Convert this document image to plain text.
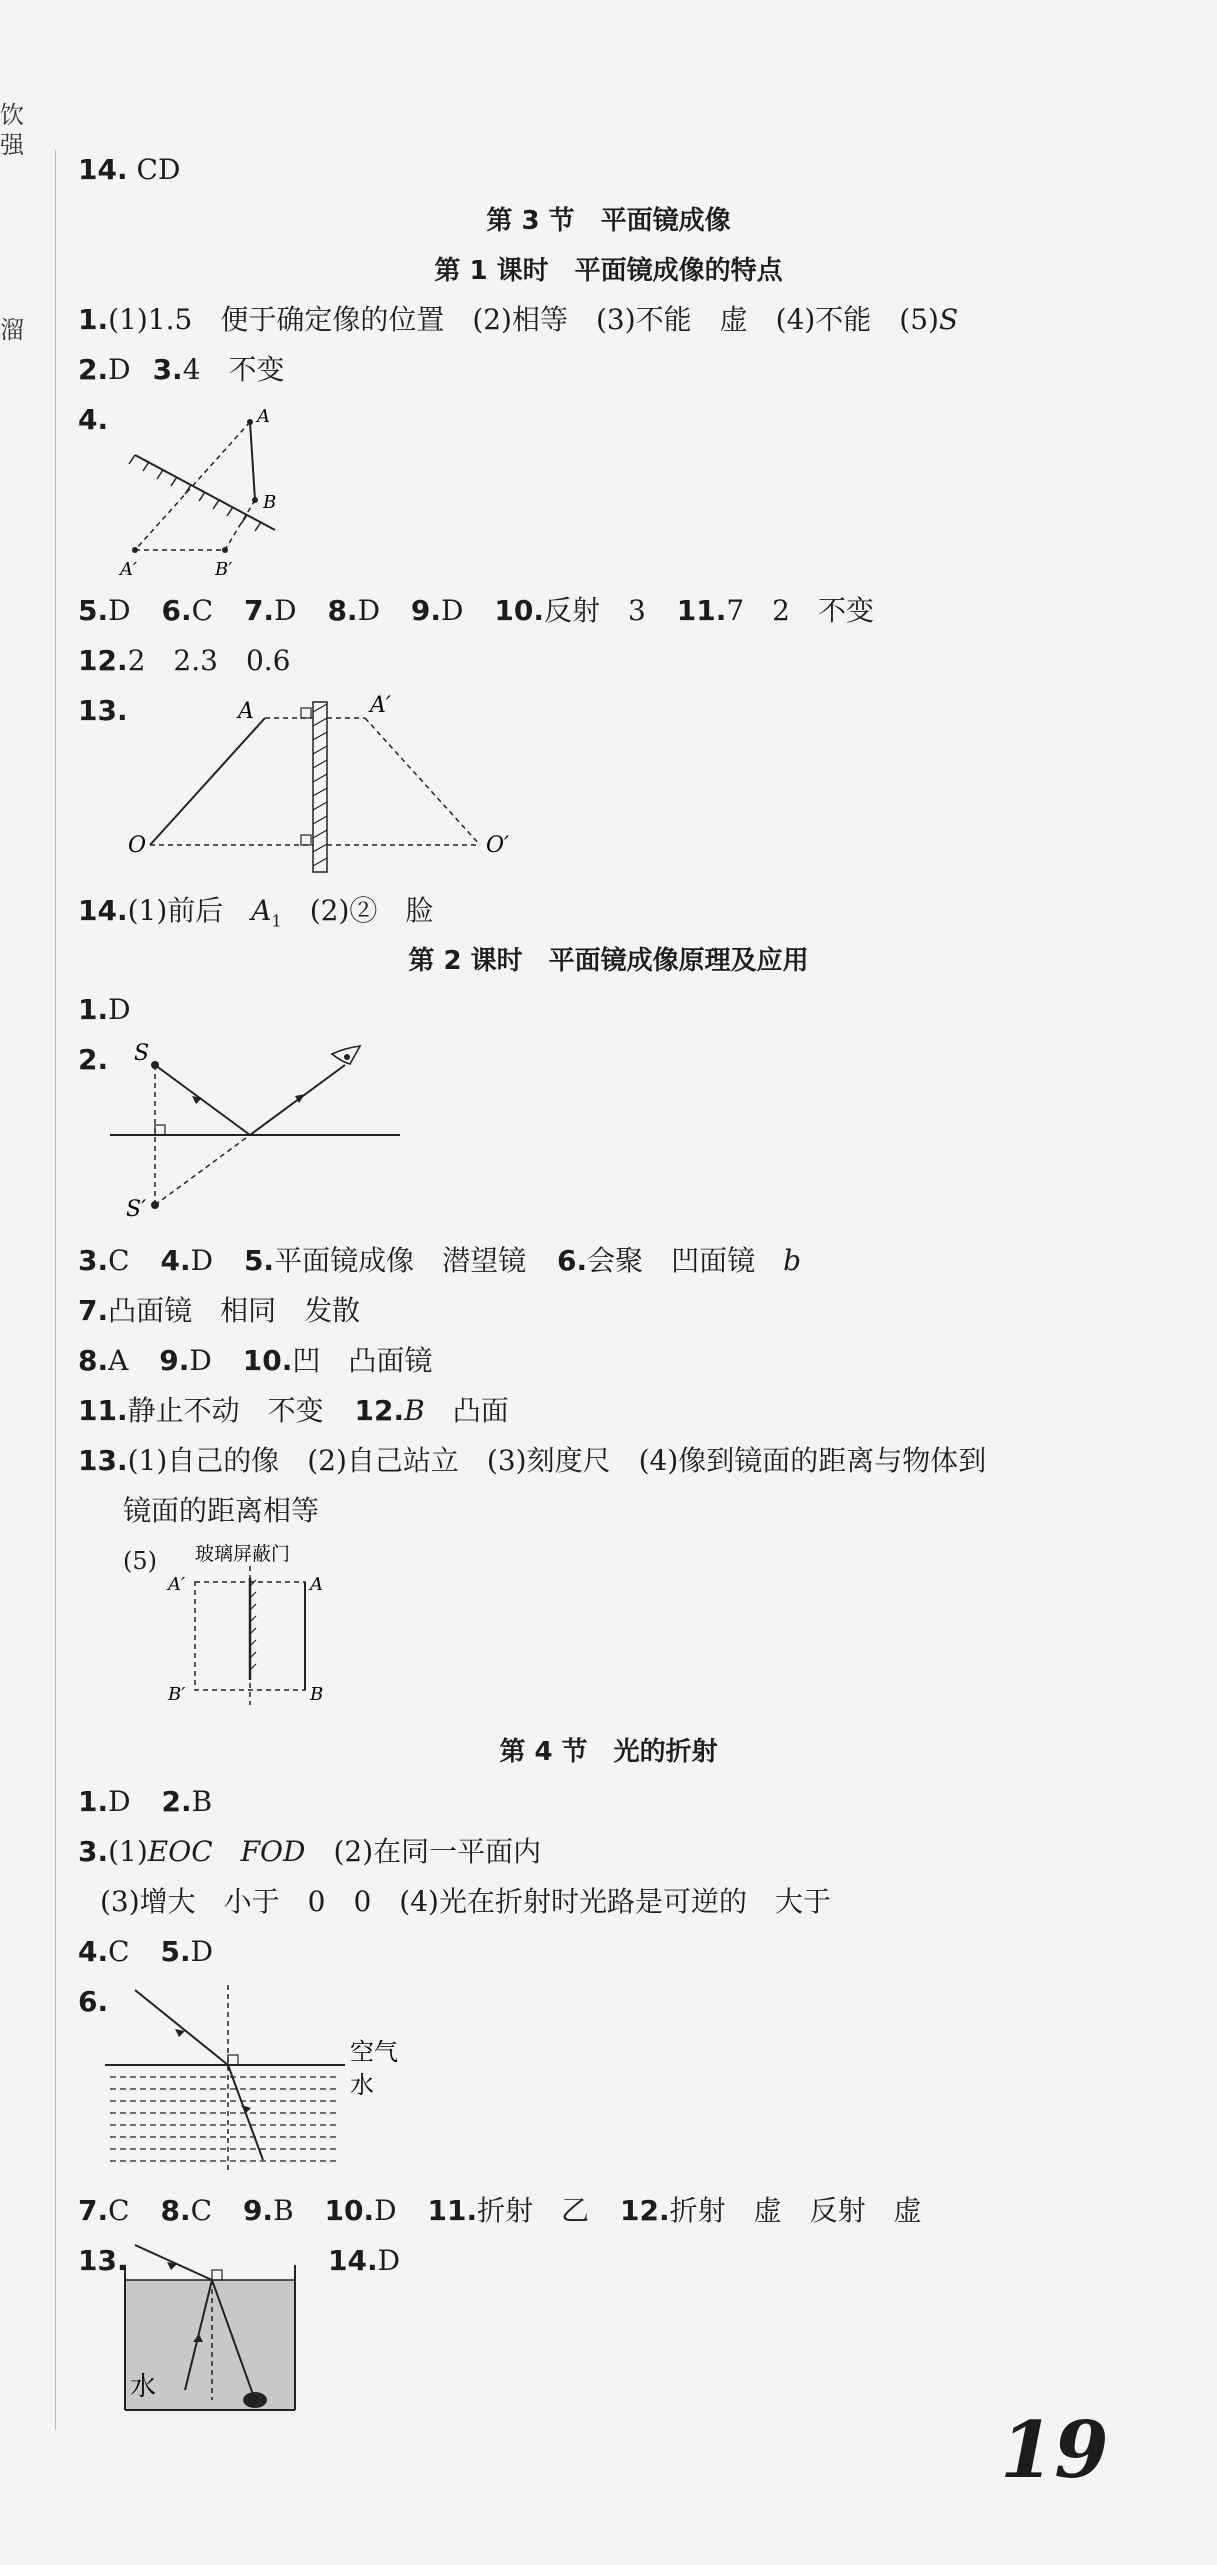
饮
强
溜
14. CD
第 3 节　平面镜成像
第 1 课时　平面镜成像的特点
1.(1)1.5　便于确定像的位置　(2)相等　(3)不能　虚　(4)不能　(5)S
2.D 3.4　不变
4.	A
B
A′	B′
5.D 6.C 7.D 8.D 9.D 10.反射　3 11.7　2　不变
12.2　2.3　0.6
13.	A	A′
O	O′
14.(1)前后　$A_1$　(2)②　脸
第 2 课时　平面镜成像原理及应用
1.D
2. S
S′
3.C 4.D 5.平面镜成像　潜望镜 6.会聚　凹面镜　b
7.凸面镜　相同　发散
8.A 9.D 10.凹　凸面镜
11.静止不动　不变 12.B　凸面
13.(1)自己的像　(2)自己站立　(3)刻度尺　(4)像到镜面的距离与物体到
镜面的距离相等
(5) 玻璃屏蔽门
A′	A
B′	B
第 4 节　光的折射
1.D 2.B
3.(1)EOC　FOD　(2)在同一平面内
(3)增大　小于　0　0　(4)光在折射时光路是可逆的　大于
4.C 5.D
6.
空气
水
7.C 8.C 9.B 10.D 11.折射　乙 12.折射　虚　反射　虚
13.	14.D
水
19
